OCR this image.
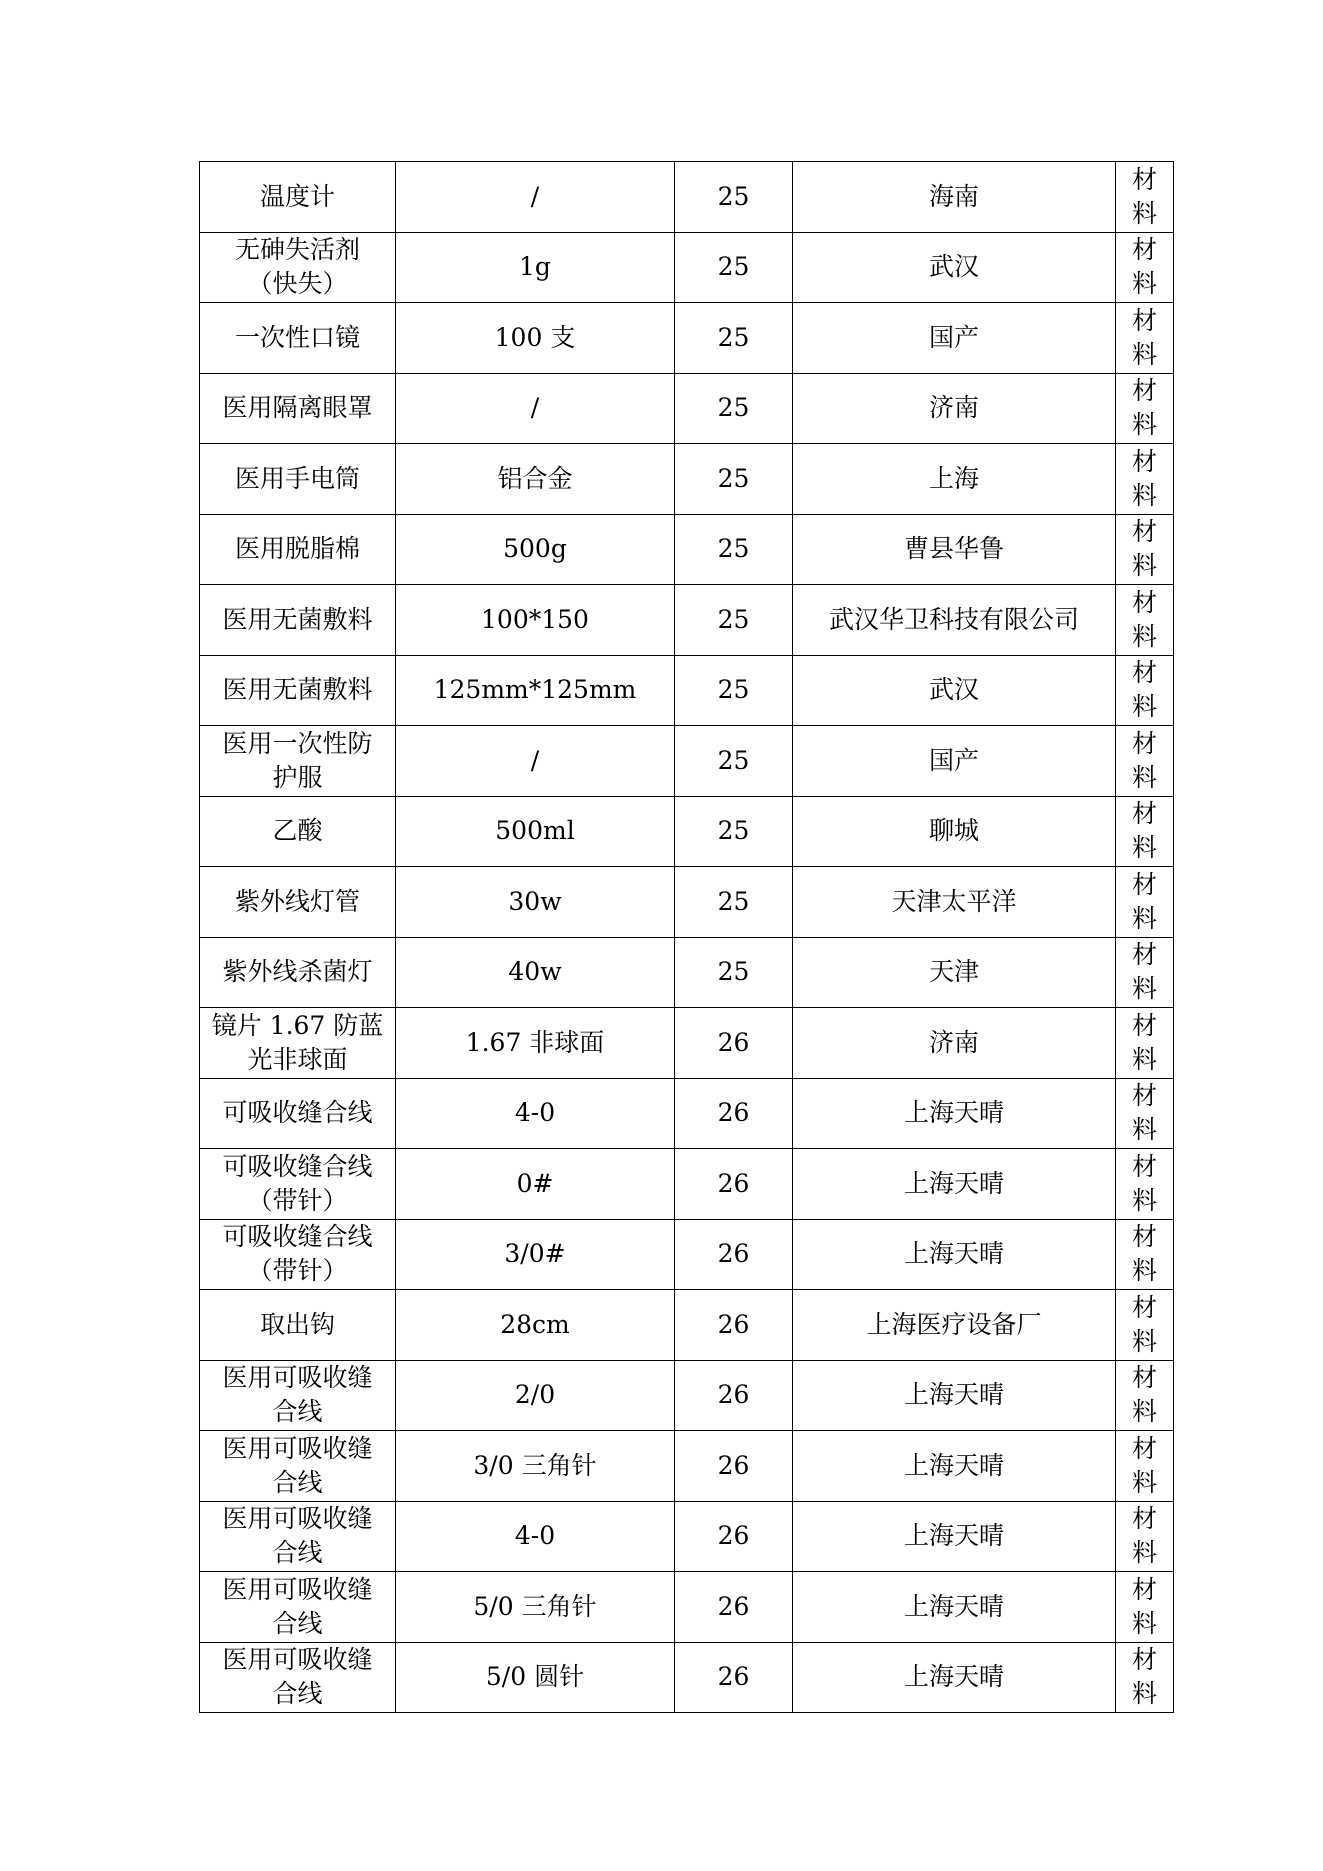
温度计	/	25	海南	材料
无砷失活剂
（快失）	1g	25	武汉	材料
一次性口镜	100 支	25	国产	材料
医用隔离眼罩	/	25	济南	材料
医用手电筒	铝合金	25	上海	材料
医用脱脂棉	500g	25	曹县华鲁	材料
医用无菌敷料	100*150	25	武汉华卫科技有限公司	材料
医用无菌敷料	125mm*125mm	25	武汉	材料
医用一次性防
护服	/	25	国产	材料
乙酸	500ml	25	聊城	材料
紫外线灯管	30w	25	天津太平洋	材料
紫外线杀菌灯	40w	25	天津	材料
镜片 1.67 防蓝
光非球面	1.67 非球面	26	济南	材料
可吸收缝合线	4-0	26	上海天晴	材料
可吸收缝合线
（带针）	0#	26	上海天晴	材料
可吸收缝合线
（带针）	3/0#	26	上海天晴	材料
取出钩	28cm	26	上海医疗设备厂	材料
医用可吸收缝
合线	2/0	26	上海天晴	材料
医用可吸收缝
合线	3/0 三角针	26	上海天晴	材料
医用可吸收缝
合线	4-0	26	上海天晴	材料
医用可吸收缝
合线	5/0 三角针	26	上海天晴	材料
医用可吸收缝
合线	5/0 圆针	26	上海天晴	材料
